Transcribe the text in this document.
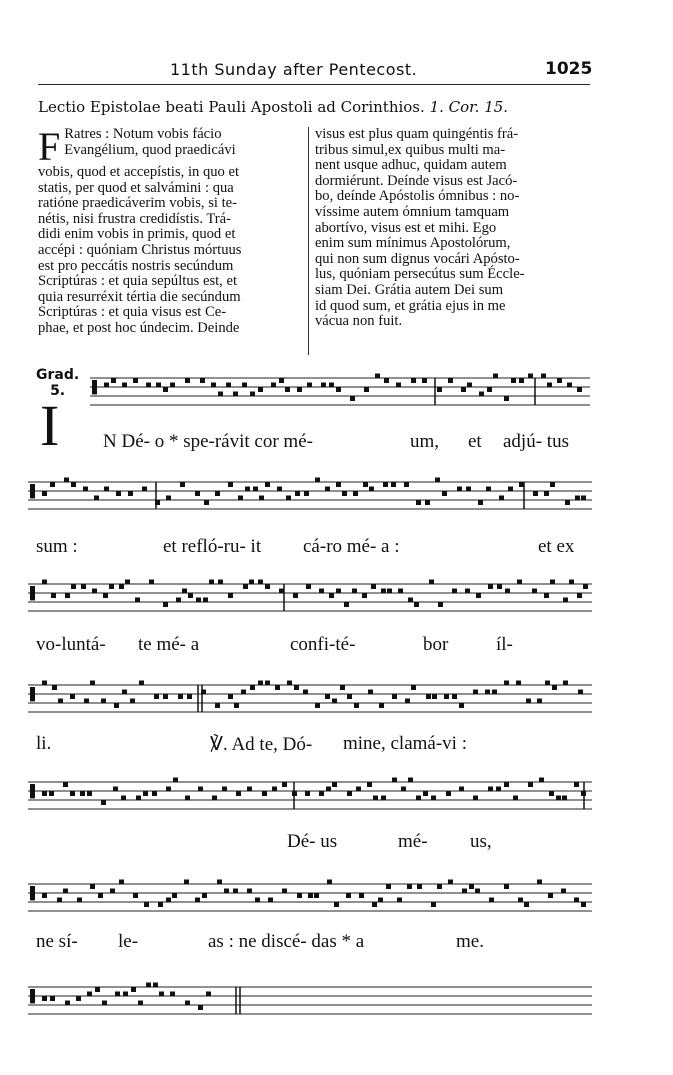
11th Sunday after Pentecost.	1025
Lectio Epistolae beati Pauli Apostoli ad Corinthios. 1. Cor. 15.
F Ratres : Notum vobis fácio
Evangélium, quod praedicávi
vobis, quod et accepístis, in quo et
statis, per quod et salvámini : qua
ratióne praedicáverim vobis, si te-
nétis, nisi frustra credidístis. Trá-
didi enim vobis in primis, quod et
accépi : quóniam Christus mórtuus
est pro peccátis nostris secúndum
Scriptúras : et quia sepúltus est, et
quia resurréxit tértia die secúndum
Scriptúras : et quia visus est Ce-
phae, et post hoc úndecim. Deinde
visus est plus quam quingéntis frá-
tribus simul,ex quibus multi ma-
nent usque adhuc, quidam autem
dormiérunt. Deínde visus est Jacó-
bo, deínde Apóstolis ómnibus : no-
víssime autem ómnium tamquam
abortívo, visus est et mihi. Ego
enim sum mínimus Apostolórum,
qui non sum dignus vocári Apósto-
lus, quóniam persecútus sum Éccle-
siam Dei. Grátia autem Dei sum
id quod sum, et grátia ejus in me
vácua non fuit.
Grad.
5.
I N Dé- o * spe-rávit cor mé-	um, et adjú- tus
sum :	et refló-ru- it cá-ro mé- a :	et ex
vo-luntá- te mé- a	confi-té-	bor	íl-
li.	℣. Ad te, Dó- mine, clamá-vi :
Dé- us	mé- us,
ne sí- le-	as : ne discé- das * a	me.
